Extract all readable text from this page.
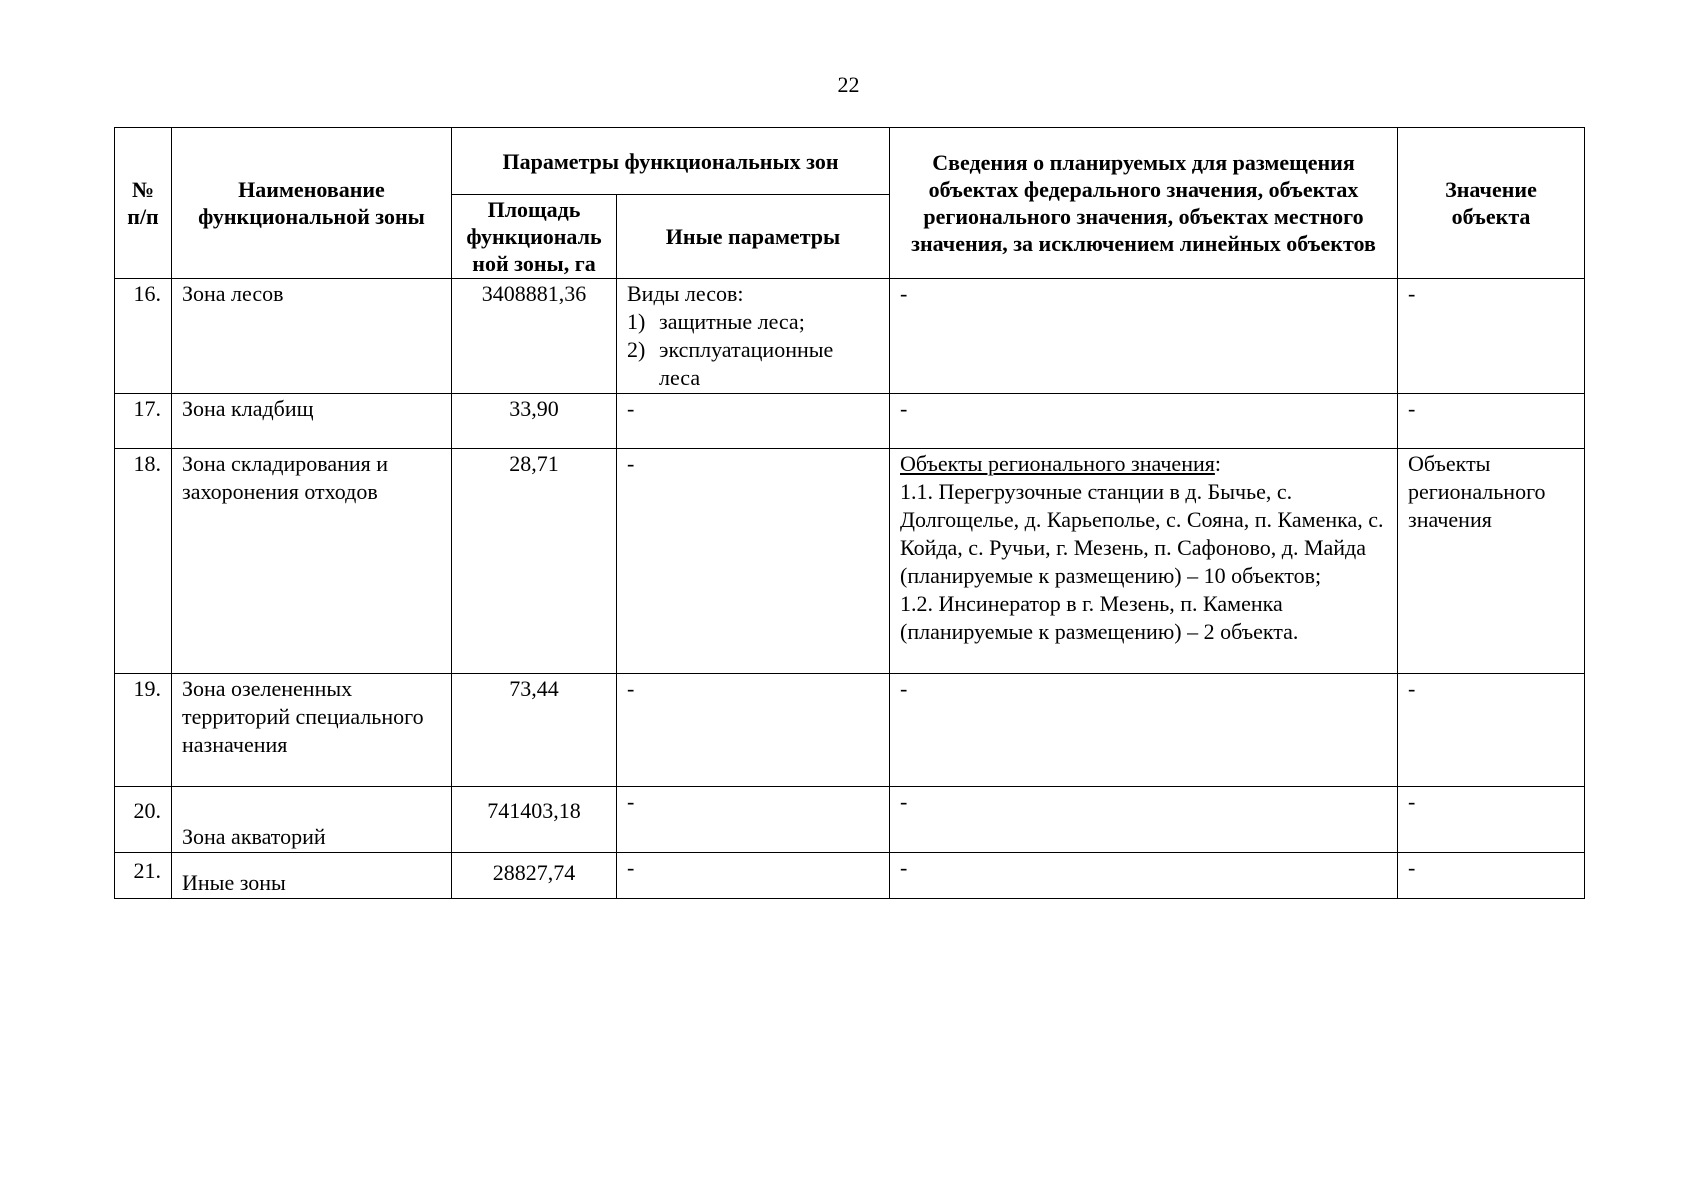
22
№ п/п	Наименование функциональной зоны	Параметры функциональных зон		Сведения о планируемых для размещения объектах федерального значения, объектах регионального значения, объектах местного значения, за исключением линейных объектов	Значение объекта
		Площадь функциональ ной зоны, га	Иные параметры		
16.	Зона лесов	3408881,36	Виды лесов:
1) защитные леса;
2) эксплуатационные леса	-	-
17.	Зона кладбищ	33,90	-	-	-
18.	Зона складирования и захоронения отходов	28,71	-	Объекты регионального значения:
1.1. Перегрузочные станции в д. Бычье, с. Долгощелье, д. Карьеполье, с. Сояна, п. Каменка, с. Койда, с. Ручьи, г. Мезень, п. Сафоново, д. Майда (планируемые к размещению) – 10 объектов;
1.2. Инсинератор в г. Мезень, п. Каменка (планируемые к размещению) – 2 объекта.	Объекты регионального значения
19.	Зона озелененных территорий специального назначения	73,44	-	-	-
20.	Зона акваторий	741403,18	-	-	-
21.	Иные зоны	28827,74	-	-	-
